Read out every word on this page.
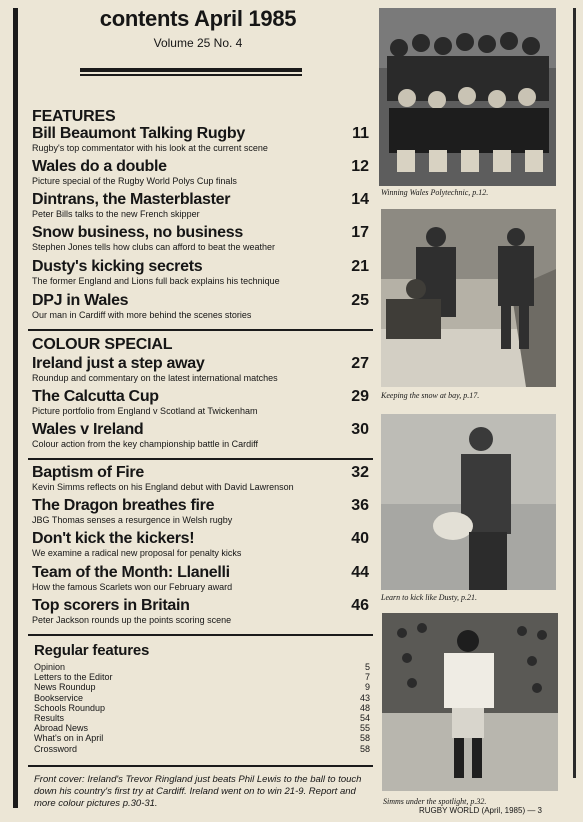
contents April 1985
Volume 25 No. 4
FEATURES
Bill Beaumont Talking Rugby	11
Rugby's top commentator with his look at the current scene
Wales do a double	12
Picture special of the Rugby World Polys Cup finals
Dintrans, the Masterblaster	14
Peter Bills talks to the new French skipper
Snow business, no business	17
Stephen Jones tells how clubs can afford to beat the weather
Dusty's kicking secrets	21
The former England and Lions full back explains his technique
DPJ in Wales	25
Our man in Cardiff with more behind the scenes stories
COLOUR SPECIAL
Ireland just a step away	27
Roundup and commentary on the latest international matches
The Calcutta Cup	29
Picture portfolio from England v Scotland at Twickenham
Wales v Ireland	30
Colour action from the key championship battle in Cardiff
Baptism of Fire	32
Kevin Simms reflects on his England debut with David Lawrenson
The Dragon breathes fire	36
JBG Thomas senses a resurgence in Welsh rugby
Don't kick the kickers!	40
We examine a radical new proposal for penalty kicks
Team of the Month: Llanelli	44
How the famous Scarlets won our February award
Top scorers in Britain	46
Peter Jackson rounds up the points scoring scene
Regular features
Opinion	5
Letters to the Editor	7
News Roundup	9
Bookservice	43
Schools Roundup	48
Results	54
Abroad News	55
What's on in April	58
Crossword	58
Front cover: Ireland's Trevor Ringland just beats Phil Lewis to the ball to touch down his country's first try at Cardiff. Ireland went on to win 21-9. Report and more colour pictures p.30-31.
Winning Wales Polytechnic, p.12.
Keeping the snow at bay, p.17.
Learn to kick like Dusty, p.21.
Simms under the spotlight, p.32.
RUGBY WORLD (April, 1985) — 3
